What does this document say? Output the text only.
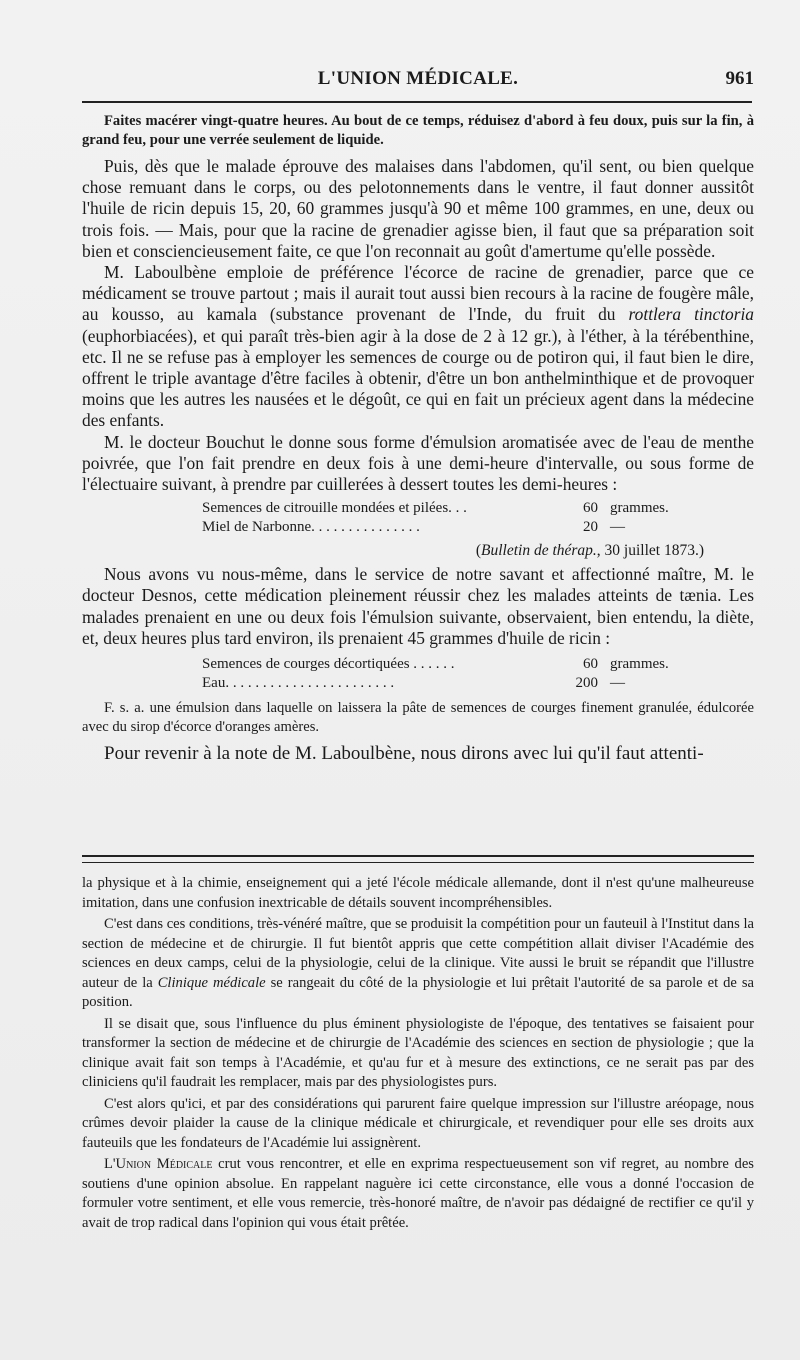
L'UNION MÉDICALE.	961

Faites macérer vingt-quatre heures. Au bout de ce temps, réduisez d'abord à feu doux, puis sur la fin, à grand feu, pour une verrée seulement de liquide.

Puis, dès que le malade éprouve des malaises dans l'abdomen, qu'il sent, ou bien quelque chose remuant dans le corps, ou des pelotonnements dans le ventre, il faut donner aussitôt l'huile de ricin depuis 15, 20, 60 grammes jusqu'à 90 et même 100 grammes, en une, deux ou trois fois. — Mais, pour que la racine de grenadier agisse bien, il faut que sa préparation soit bien et consciencieusement faite, ce que l'on reconnait au goût d'amertume qu'elle possède.

M. Laboulbène emploie de préférence l'écorce de racine de grenadier, parce que ce médicament se trouve partout ; mais il aurait tout aussi bien recours à la racine de fougère mâle, au kousso, au kamala (substance provenant de l'Inde, du fruit du rottlera tinctoria (euphorbiacées), et qui paraît très-bien agir à la dose de 2 à 12 gr.), à l'éther, à la térébenthine, etc. Il ne se refuse pas à employer les semences de courge ou de potiron qui, il faut bien le dire, offrent le triple avantage d'être faciles à obtenir, d'être un bon anthelminthique et de provoquer moins que les autres les nausées et le dégoût, ce qui en fait un précieux agent dans la médecine des enfants.

M. le docteur Bouchut le donne sous forme d'émulsion aromatisée avec de l'eau de menthe poivrée, que l'on fait prendre en deux fois à une demi-heure d'intervalle, ou sous forme de l'électuaire suivant, à prendre par cuillerées à dessert toutes les demi-heures :

Semences de citrouille mondées et pilées. . .	60 grammes.
Miel de Narbonne. . . . . . . . . . . . . . .	20 —

(Bulletin de thérap., 30 juillet 1873.)

Nous avons vu nous-même, dans le service de notre savant et affectionné maître, M. le docteur Desnos, cette médication pleinement réussir chez les malades atteints de tænia. Les malades prenaient en une ou deux fois l'émulsion suivante, observaient, bien entendu, la diète, et, deux heures plus tard environ, ils prenaient 45 grammes d'huile de ricin :

Semences de courges décortiquées . . . . . .	60 grammes.
Eau. . . . . . . . . . . . . . . . . . . . . . .	200 —

F. s. a. une émulsion dans laquelle on laissera la pâte de semences de courges finement granulée, édulcorée avec du sirop d'écorce d'oranges amères.

Pour revenir à la note de M. Laboulbène, nous dirons avec lui qu'il faut attenti-

la physique et à la chimie, enseignement qui a jeté l'école médicale allemande, dont il n'est qu'une malheureuse imitation, dans une confusion inextricable de détails souvent incompréhensibles.

C'est dans ces conditions, très-vénéré maître, que se produisit la compétition pour un fauteuil à l'Institut dans la section de médecine et de chirurgie. Il fut bientôt appris que cette compétition allait diviser l'Académie des sciences en deux camps, celui de la physiologie, celui de la clinique. Vite aussi le bruit se répandit que l'illustre auteur de la Clinique médicale se rangeait du côté de la physiologie et lui prêtait l'autorité de sa parole et de sa position.

Il se disait que, sous l'influence du plus éminent physiologiste de l'époque, des tentatives se faisaient pour transformer la section de médecine et de chirurgie de l'Académie des sciences en section de physiologie ; que la clinique avait fait son temps à l'Académie, et qu'au fur et à mesure des extinctions, ce ne serait pas par des cliniciens qu'il faudrait les remplacer, mais par des physiologistes purs.

C'est alors qu'ici, et par des considérations qui parurent faire quelque impression sur l'illustre aréopage, nous crûmes devoir plaider la cause de la clinique médicale et chirurgicale, et revendiquer pour elle ses droits aux fauteuils que les fondateurs de l'Académie lui assignèrent.

L'Union Médicale crut vous rencontrer, et elle en exprima respectueusement son vif regret, au nombre des soutiens d'une opinion absolue. En rappelant naguère ici cette circonstance, elle vous a donné l'occasion de formuler votre sentiment, et elle vous remercie, très-honoré maître, de n'avoir pas dédaigné de rectifier ce qu'il y avait de trop radical dans l'opinion qui vous était prêtée.
